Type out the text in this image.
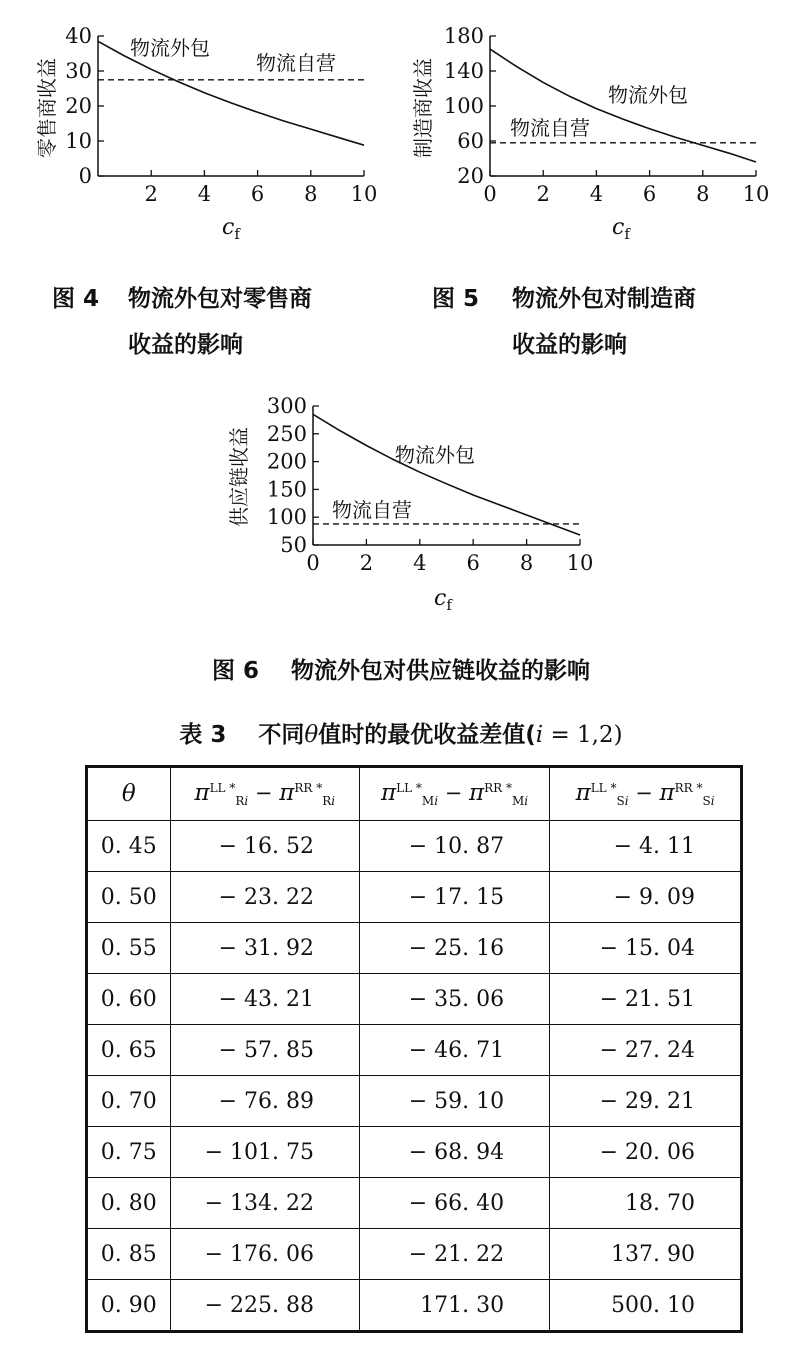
零售商收益
0
10
20
30
40
2 4 6 8 10
物流外包
物流自营
$c_f$
制造商收益
20
60
100
140
180
0 2 4 6 8 10
物流外包
物流自营
$c_f$
图 4 物流外包对零售商
收益的影响
图 5 物流外包对制造商
收益的影响
供应链收益
50
100
150
200
250
300
0 2 4 6 8 10
物流外包
物流自营
$c_f$
图 6 物流外包对供应链收益的影响
表 3 不同θ值时的最优收益差值(i = 1,2)
θ	$\pi^{LL *}_{Ri} - \pi^{RR *}_{Ri}$	$\pi^{LL *}_{Mi} - \pi^{RR *}_{Mi}$	$\pi^{LL *}_{Si} - \pi^{RR *}_{Si}$
0. 45	− 16. 52	− 10. 87	− 4. 11
0. 50	− 23. 22	− 17. 15	− 9. 09
0. 55	− 31. 92	− 25. 16	− 15. 04
0. 60	− 43. 21	− 35. 06	− 21. 51
0. 65	− 57. 85	− 46. 71	− 27. 24
0. 70	− 76. 89	− 59. 10	− 29. 21
0. 75	− 101. 75	− 68. 94	− 20. 06
0. 80	− 134. 22	− 66. 40	18. 70
0. 85	− 176. 06	− 21. 22	137. 90
0. 90	− 225. 88	171. 30	500. 10
